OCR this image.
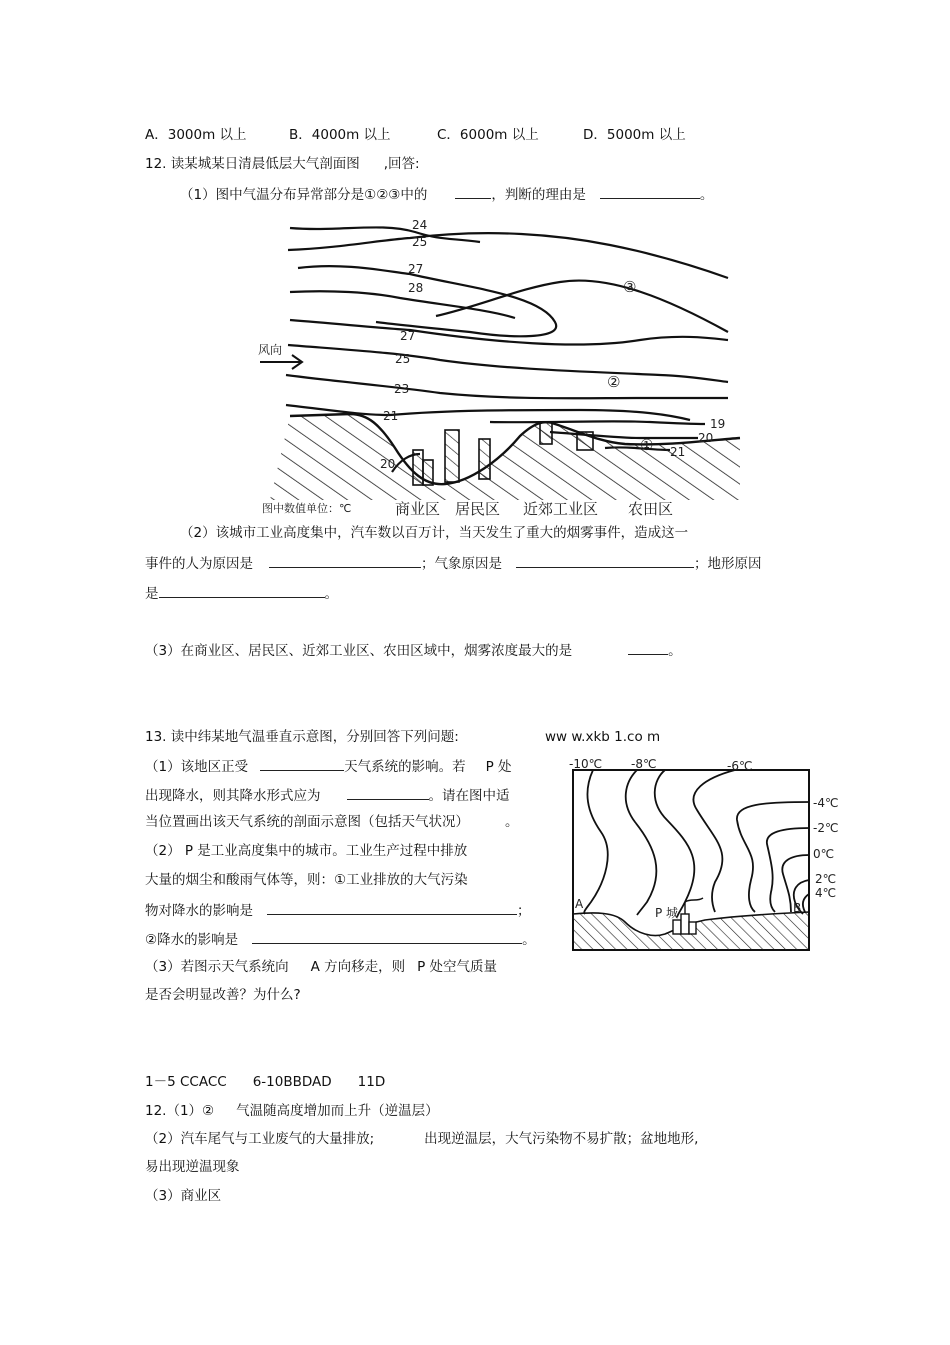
A．3000m 以上	B．4000m 以上	C．6000m 以上	D．5000m 以上
12. 读某城某日清晨低层大气剖面图 ,回答:
（1）图中气温分布异常部分是①②③中的	，判断的理由是	。
风向
24
25
27
28
27
25
23
21
19
20
21
20
③
②
①
图中数值单位：℃	商业区 居民区 近郊工业区 农田区
（2）该城市工业高度集中，汽车数以百万计，当天发生了重大的烟雾事件，造成这一
事件的人为原因是	；气象原因是	；地形原因
是	。
（3）在商业区、居民区、近郊工业区、农田区域中，烟雾浓度最大的是	。
13. 读中纬某地气温垂直示意图，分别回答下列问题:	ww w.xkb 1.co m
（1）该地区正受	天气系统的影响。若 P 处
出现降水，则其降水形式应为	。请在图中适
当位置画出该天气系统的剖面示意图（包括天气状况）	。
（2） P 是工业高度集中的城市。工业生产过程中排放
大量的烟尘和酸雨气体等，则：①工业排放的大气污染
物对降水的影响是	；
②降水的影响是	。
（3）若图示天气系统向 A 方向移走，则 P 处空气质量
是否会明显改善？为什么?
-10℃ -8℃	-6℃
-4℃
-2℃
0℃
2℃
4℃
A	B
P 城
1－5 CCACC 6-10BBDAD 11D
12.（1）② 气温随高度增加而上升（逆温层）
（2）汽车尾气与工业废气的大量排放;	出现逆温层，大气污染物不易扩散；盆地地形,
易出现逆温现象
（3）商业区
